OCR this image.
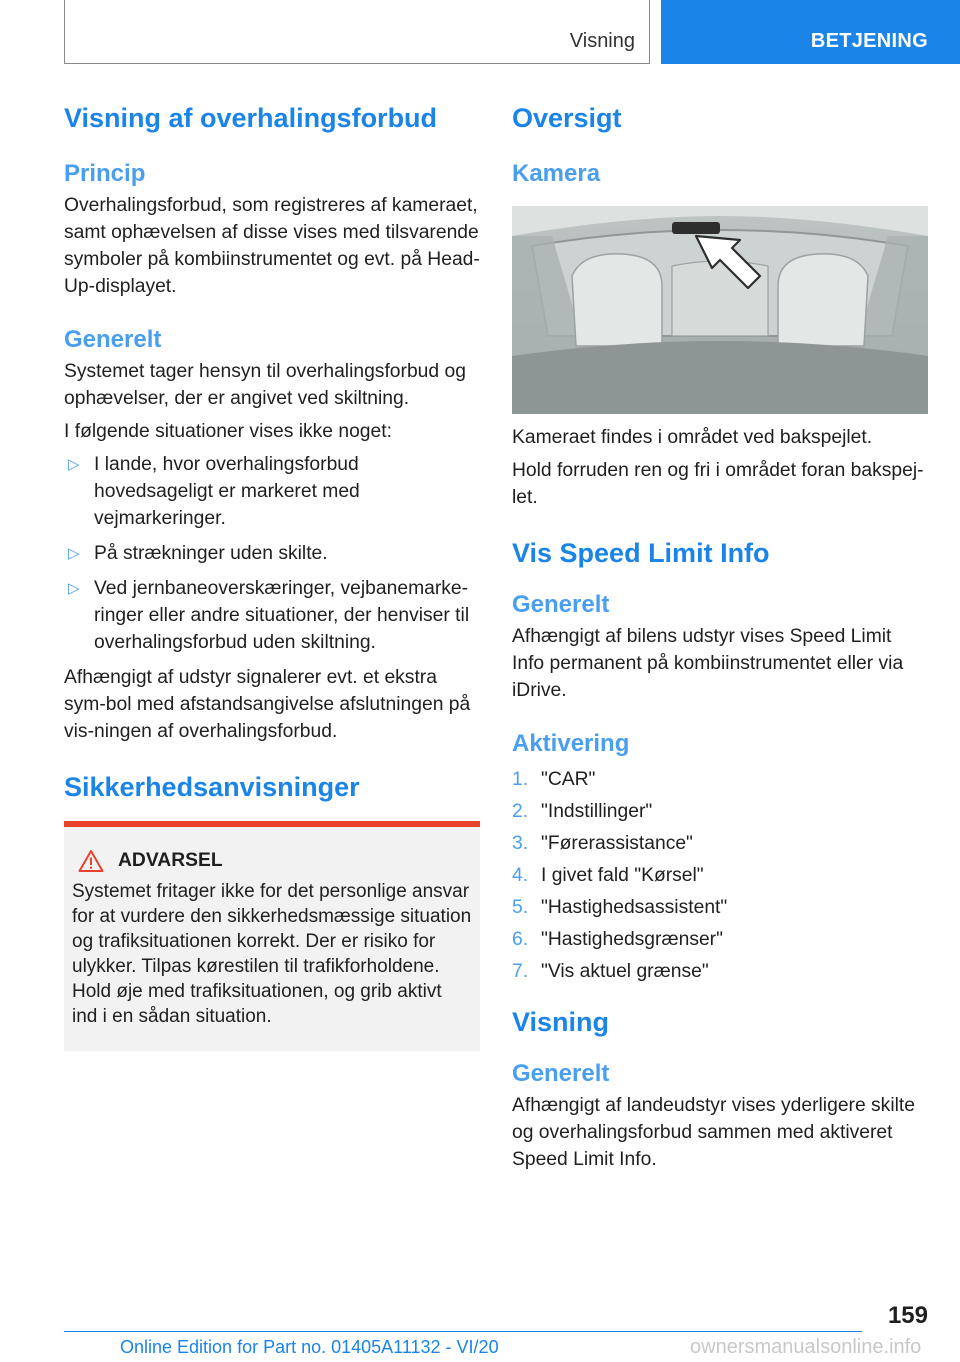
Visning	BETJENING
Visning af overhalingsforbud
Princip

Overhalingsforbud, som registreres af kameraet, samt ophævelsen af disse vises med tilsvarende symboler på kombiinstrumentet og evt. på Head-Up-displayet.

Generelt

Systemet tager hensyn til overhalingsforbud og ophævelser, der er angivet ved skiltning.

I følgende situationer vises ikke noget:

▷ I lande, hvor overhalingsforbud hovedsageligt er markeret med vejmarkeringer.
▷ På strækninger uden skilte.
▷ Ved jernbaneoverskæringer, vejbanemarke-ringer eller andre situationer, der henviser til overhalingsforbud uden skiltning.

Afhængigt af udstyr signalerer evt. et ekstra sym-bol med afstandsangivelse afslutningen på vis-ningen af overhalingsforbud.

Sikkerhedsanvisninger
ADVARSEL

Systemet fritager ikke for det personlige ansvar for at vurdere den sikkerhedsmæssige situation og trafiksituationen korrekt. Der er risiko for ulykker. Tilpas kørestilen til trafikforholdene. Hold øje med trafiksituationen, og grib aktivt ind i en sådan situation.

Oversigt
Kamera

Kameraet findes i området ved bakspejlet.

Hold forruden ren og fri i området foran bakspej-let.

Vis Speed Limit Info
Generelt

Afhængigt af bilens udstyr vises Speed Limit Info permanent på kombiinstrumentet eller via iDrive.

Aktivering
1. "CAR"
2. "Indstillinger"
3. "Førerassistance"
4. I givet fald "Kørsel"
5. "Hastighedsassistent"
6. "Hastighedsgrænser"
7. "Vis aktuel grænse"
Visning
Generelt

Afhængigt af landeudstyr vises yderligere skilte og overhalingsforbud sammen med aktiveret Speed Limit Info.

159
Online Edition for Part no. 01405A11132 - VI/20	ownersmanualsonline.info
